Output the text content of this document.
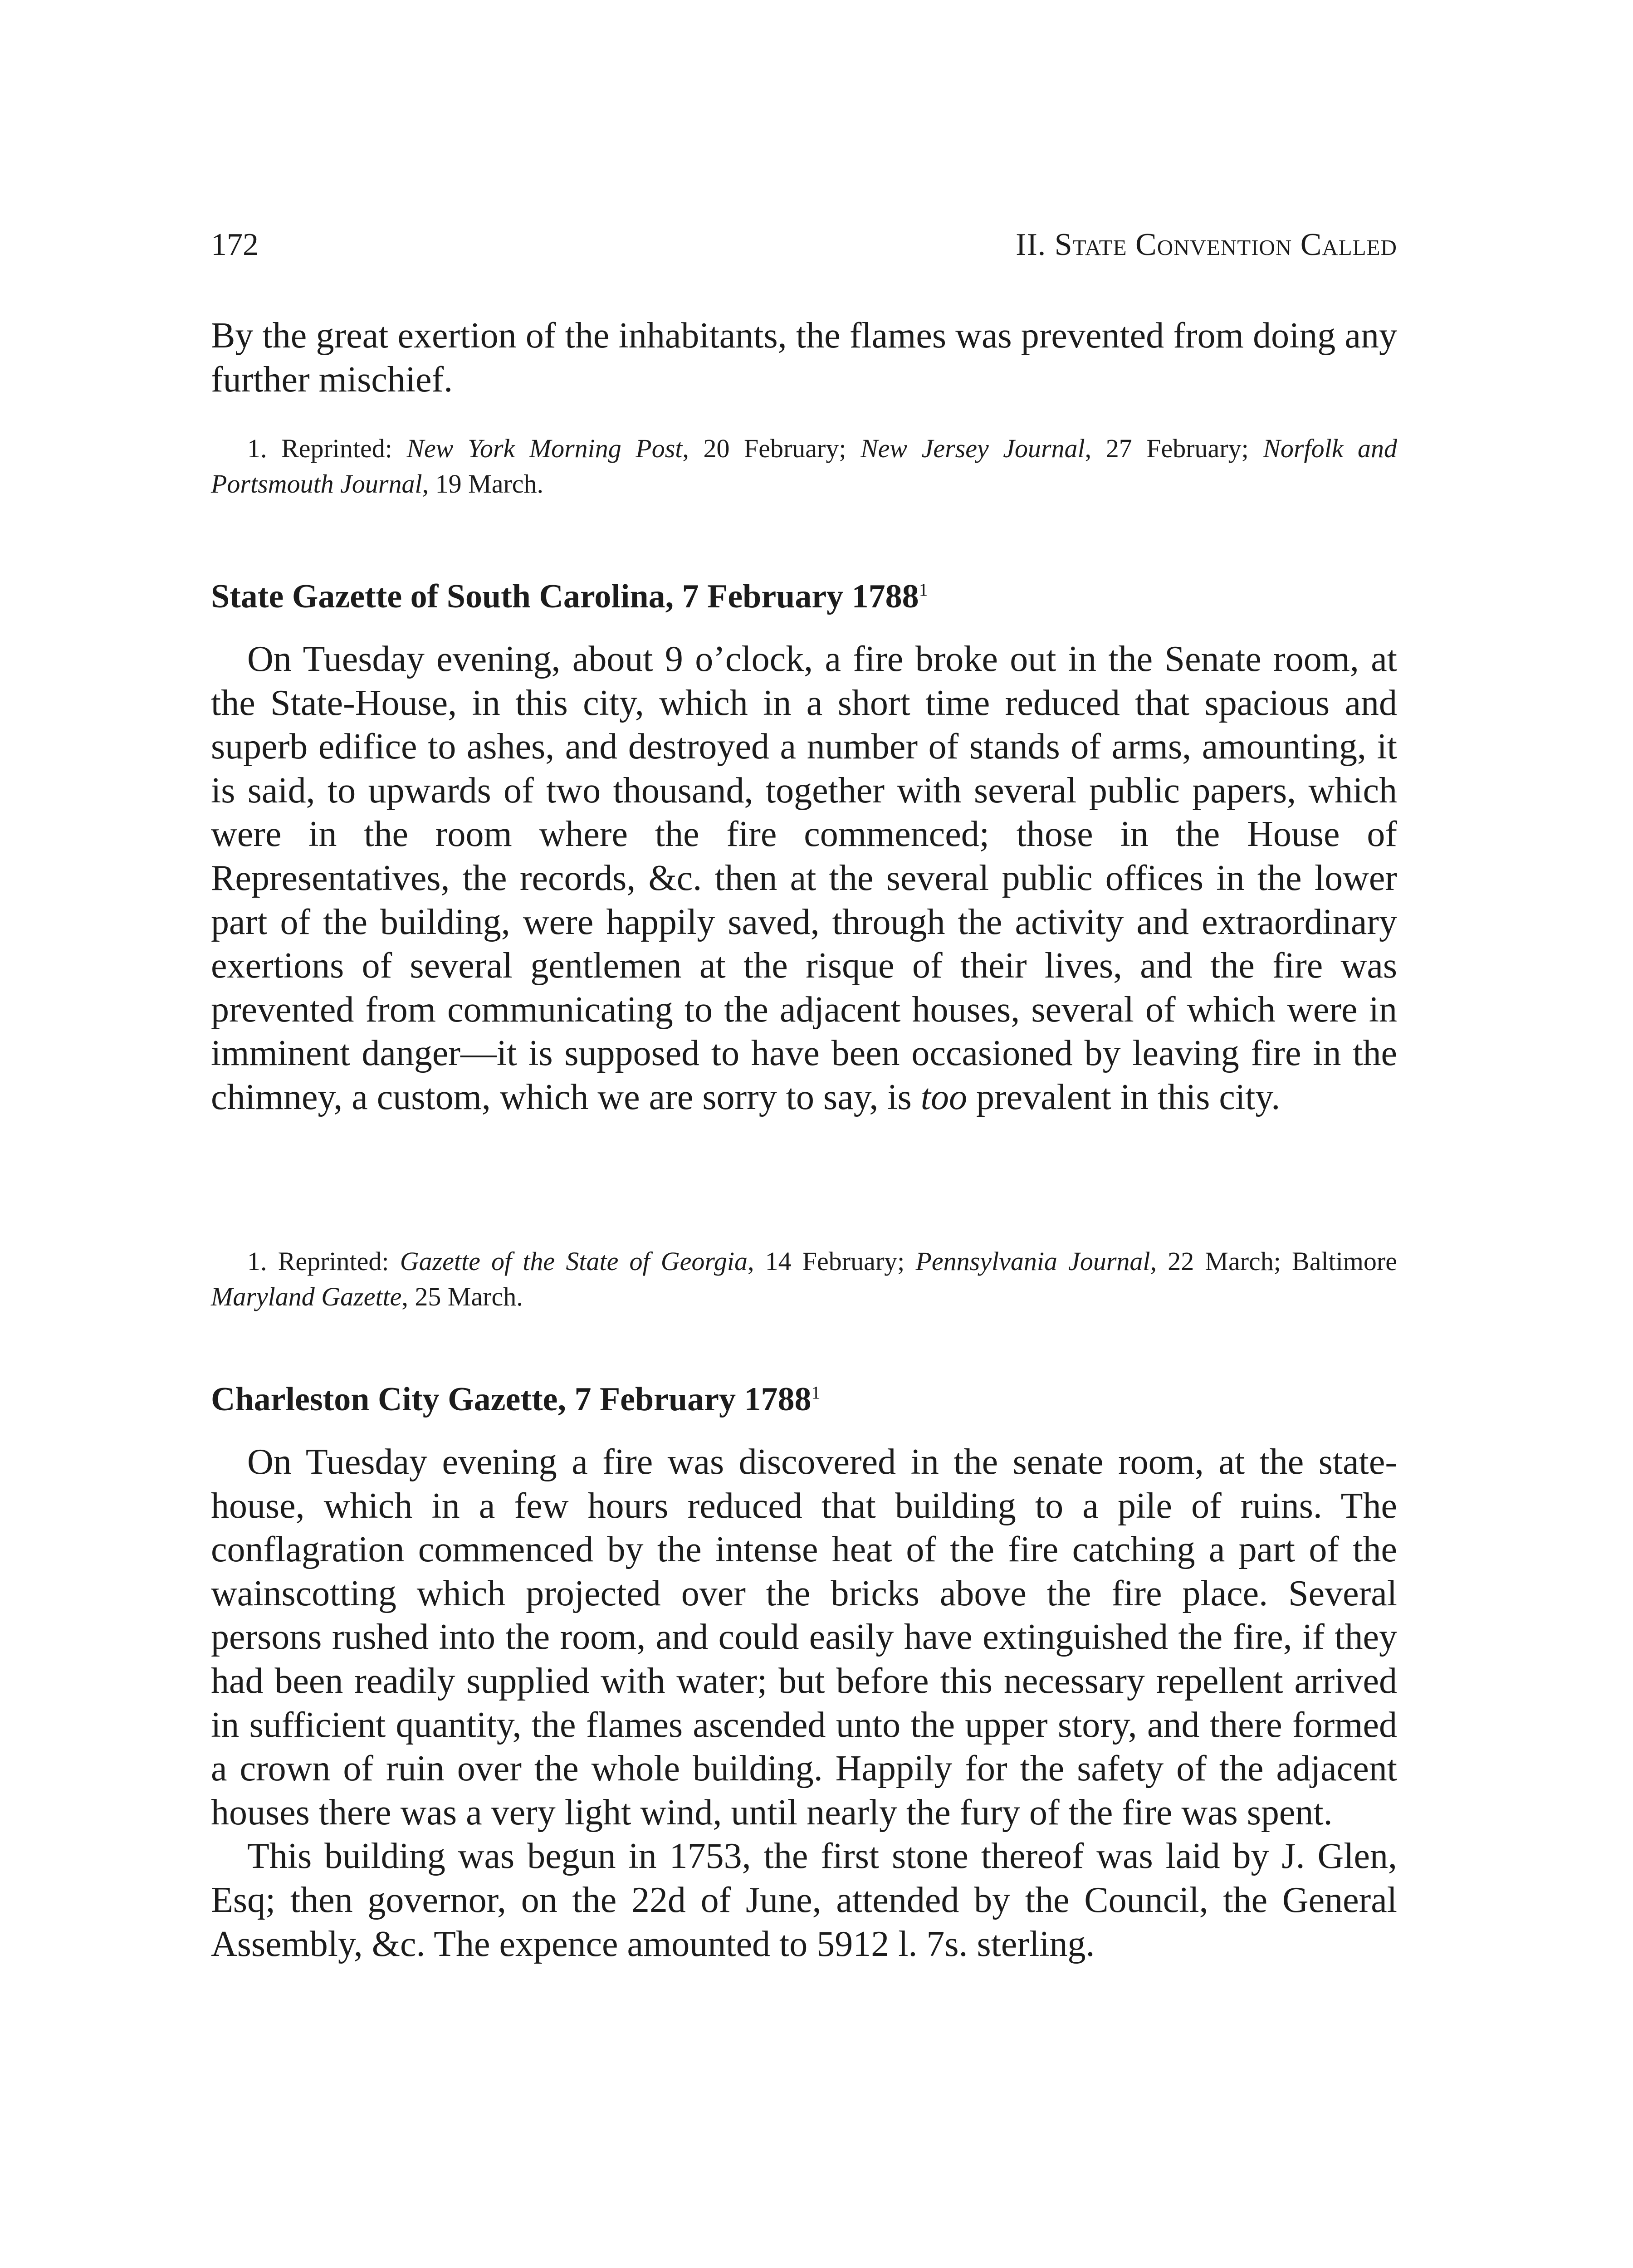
172	II. State Convention Called

By the great exertion of the inhabitants, the flames was prevented from doing any further mischief.

1. Reprinted: New York Morning Post, 20 February; New Jersey Journal, 27 February; Norfolk and Portsmouth Journal, 19 March.

State Gazette of South Carolina, 7 February 1788$^1$

On Tuesday evening, about 9 o’clock, a fire broke out in the Senate room, at the State-House, in this city, which in a short time reduced that spacious and superb edifice to ashes, and destroyed a number of stands of arms, amounting, it is said, to upwards of two thousand, together with several public papers, which were in the room where the fire commenced; those in the House of Representatives, the records, &c. then at the several public offices in the lower part of the building, were happily saved, through the activity and extraordinary exertions of several gentlemen at the risque of their lives, and the fire was prevented from communicating to the adjacent houses, several of which were in imminent danger—it is supposed to have been occasioned by leaving fire in the chimney, a custom, which we are sorry to say, is too prevalent in this city.

1. Reprinted: Gazette of the State of Georgia, 14 February; Pennsylvania Journal, 22 March; Baltimore Maryland Gazette, 25 March.

Charleston City Gazette, 7 February 1788$^1$

On Tuesday evening a fire was discovered in the senate room, at the state-house, which in a few hours reduced that building to a pile of ruins. The conflagration commenced by the intense heat of the fire catching a part of the wainscotting which projected over the bricks above the fire place. Several persons rushed into the room, and could easily have extinguished the fire, if they had been readily supplied with water; but before this necessary repellent arrived in sufficient quantity, the flames ascended unto the upper story, and there formed a crown of ruin over the whole building. Happily for the safety of the adjacent houses there was a very light wind, until nearly the fury of the fire was spent.

This building was begun in 1753, the first stone thereof was laid by J. Glen, Esq; then governor, on the 22d of June, attended by the Council, the General Assembly, &c. The expence amounted to 5912 l. 7s. sterling.
